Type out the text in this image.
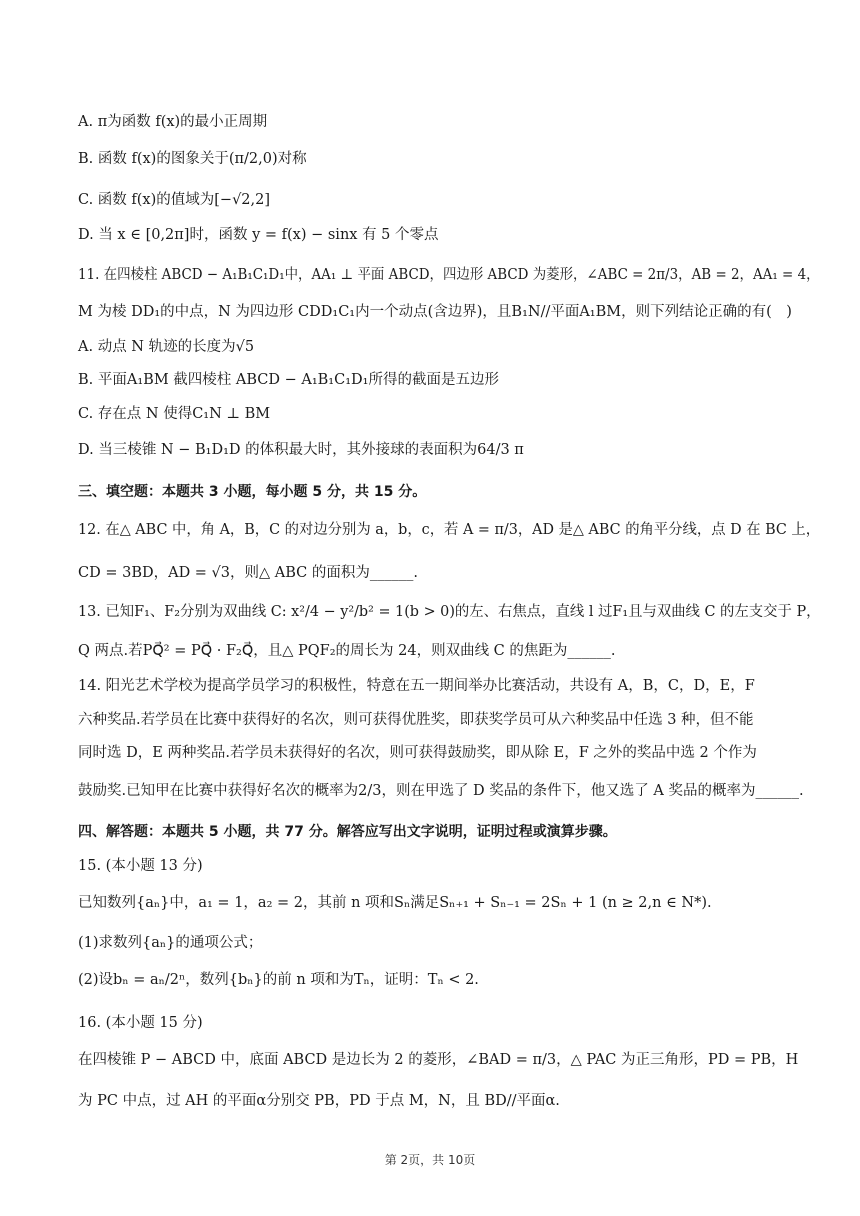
A. π为函数 f(x)的最小正周期
B. 函数 f(x)的图象关于(π/2,0)对称
C. 函数 f(x)的值域为[−√2,2]
D. 当 x ∈ [0,2π]时，函数 y = f(x) − sinx 有 5 个零点
11. 在四棱柱 ABCD − A₁B₁C₁D₁中，AA₁ ⊥ 平面 ABCD，四边形 ABCD 为菱形，∠ABC = 2π/3，AB = 2，AA₁ = 4，
M 为棱 DD₁的中点，N 为四边形 CDD₁C₁内一个动点(含边界)，且B₁N//平面A₁BM，则下列结论正确的有(　)
A. 动点 N 轨迹的长度为√5
B. 平面A₁BM 截四棱柱 ABCD − A₁B₁C₁D₁所得的截面是五边形
C. 存在点 N 使得C₁N ⊥ BM
D. 当三棱锥 N − B₁D₁D 的体积最大时，其外接球的表面积为64/3 π
三、填空题：本题共 3 小题，每小题 5 分，共 15 分。
12. 在△ ABC 中，角 A，B，C 的对边分别为 a，b，c，若 A = π/3，AD 是△ ABC 的角平分线，点 D 在 BC 上，
CD = 3BD，AD = √3，则△ ABC 的面积为______.
13. 已知F₁、F₂分别为双曲线 C: x²/4 − y²/b² = 1(b > 0)的左、右焦点，直线 l 过F₁且与双曲线 C 的左支交于 P，
Q 两点.若PQ⃗² = PQ⃗ · F₂Q⃗，且△ PQF₂的周长为 24，则双曲线 C 的焦距为______.
14. 阳光艺术学校为提高学员学习的积极性，特意在五一期间举办比赛活动，共设有 A，B，C，D，E，F
六种奖品.若学员在比赛中获得好的名次，则可获得优胜奖，即获奖学员可从六种奖品中任选 3 种，但不能
同时选 D，E 两种奖品.若学员未获得好的名次，则可获得鼓励奖，即从除 E，F 之外的奖品中选 2 个作为
鼓励奖.已知甲在比赛中获得好名次的概率为2/3，则在甲选了 D 奖品的条件下，他又选了 A 奖品的概率为______.
四、解答题：本题共 5 小题，共 77 分。解答应写出文字说明，证明过程或演算步骤。
15. (本小题 13 分)
已知数列{aₙ}中，a₁ = 1，a₂ = 2，其前 n 项和Sₙ满足Sₙ₊₁ + Sₙ₋₁ = 2Sₙ + 1 (n ≥ 2,n ∈ N*).
(1)求数列{aₙ}的通项公式；
(2)设bₙ = aₙ/2ⁿ，数列{bₙ}的前 n 项和为Tₙ，证明：Tₙ < 2.
16. (本小题 15 分)
在四棱锥 P − ABCD 中，底面 ABCD 是边长为 2 的菱形，∠BAD = π/3，△ PAC 为正三角形，PD = PB，H
为 PC 中点，过 AH 的平面α分别交 PB，PD 于点 M，N，且 BD//平面α.
第 2页，共 10页
